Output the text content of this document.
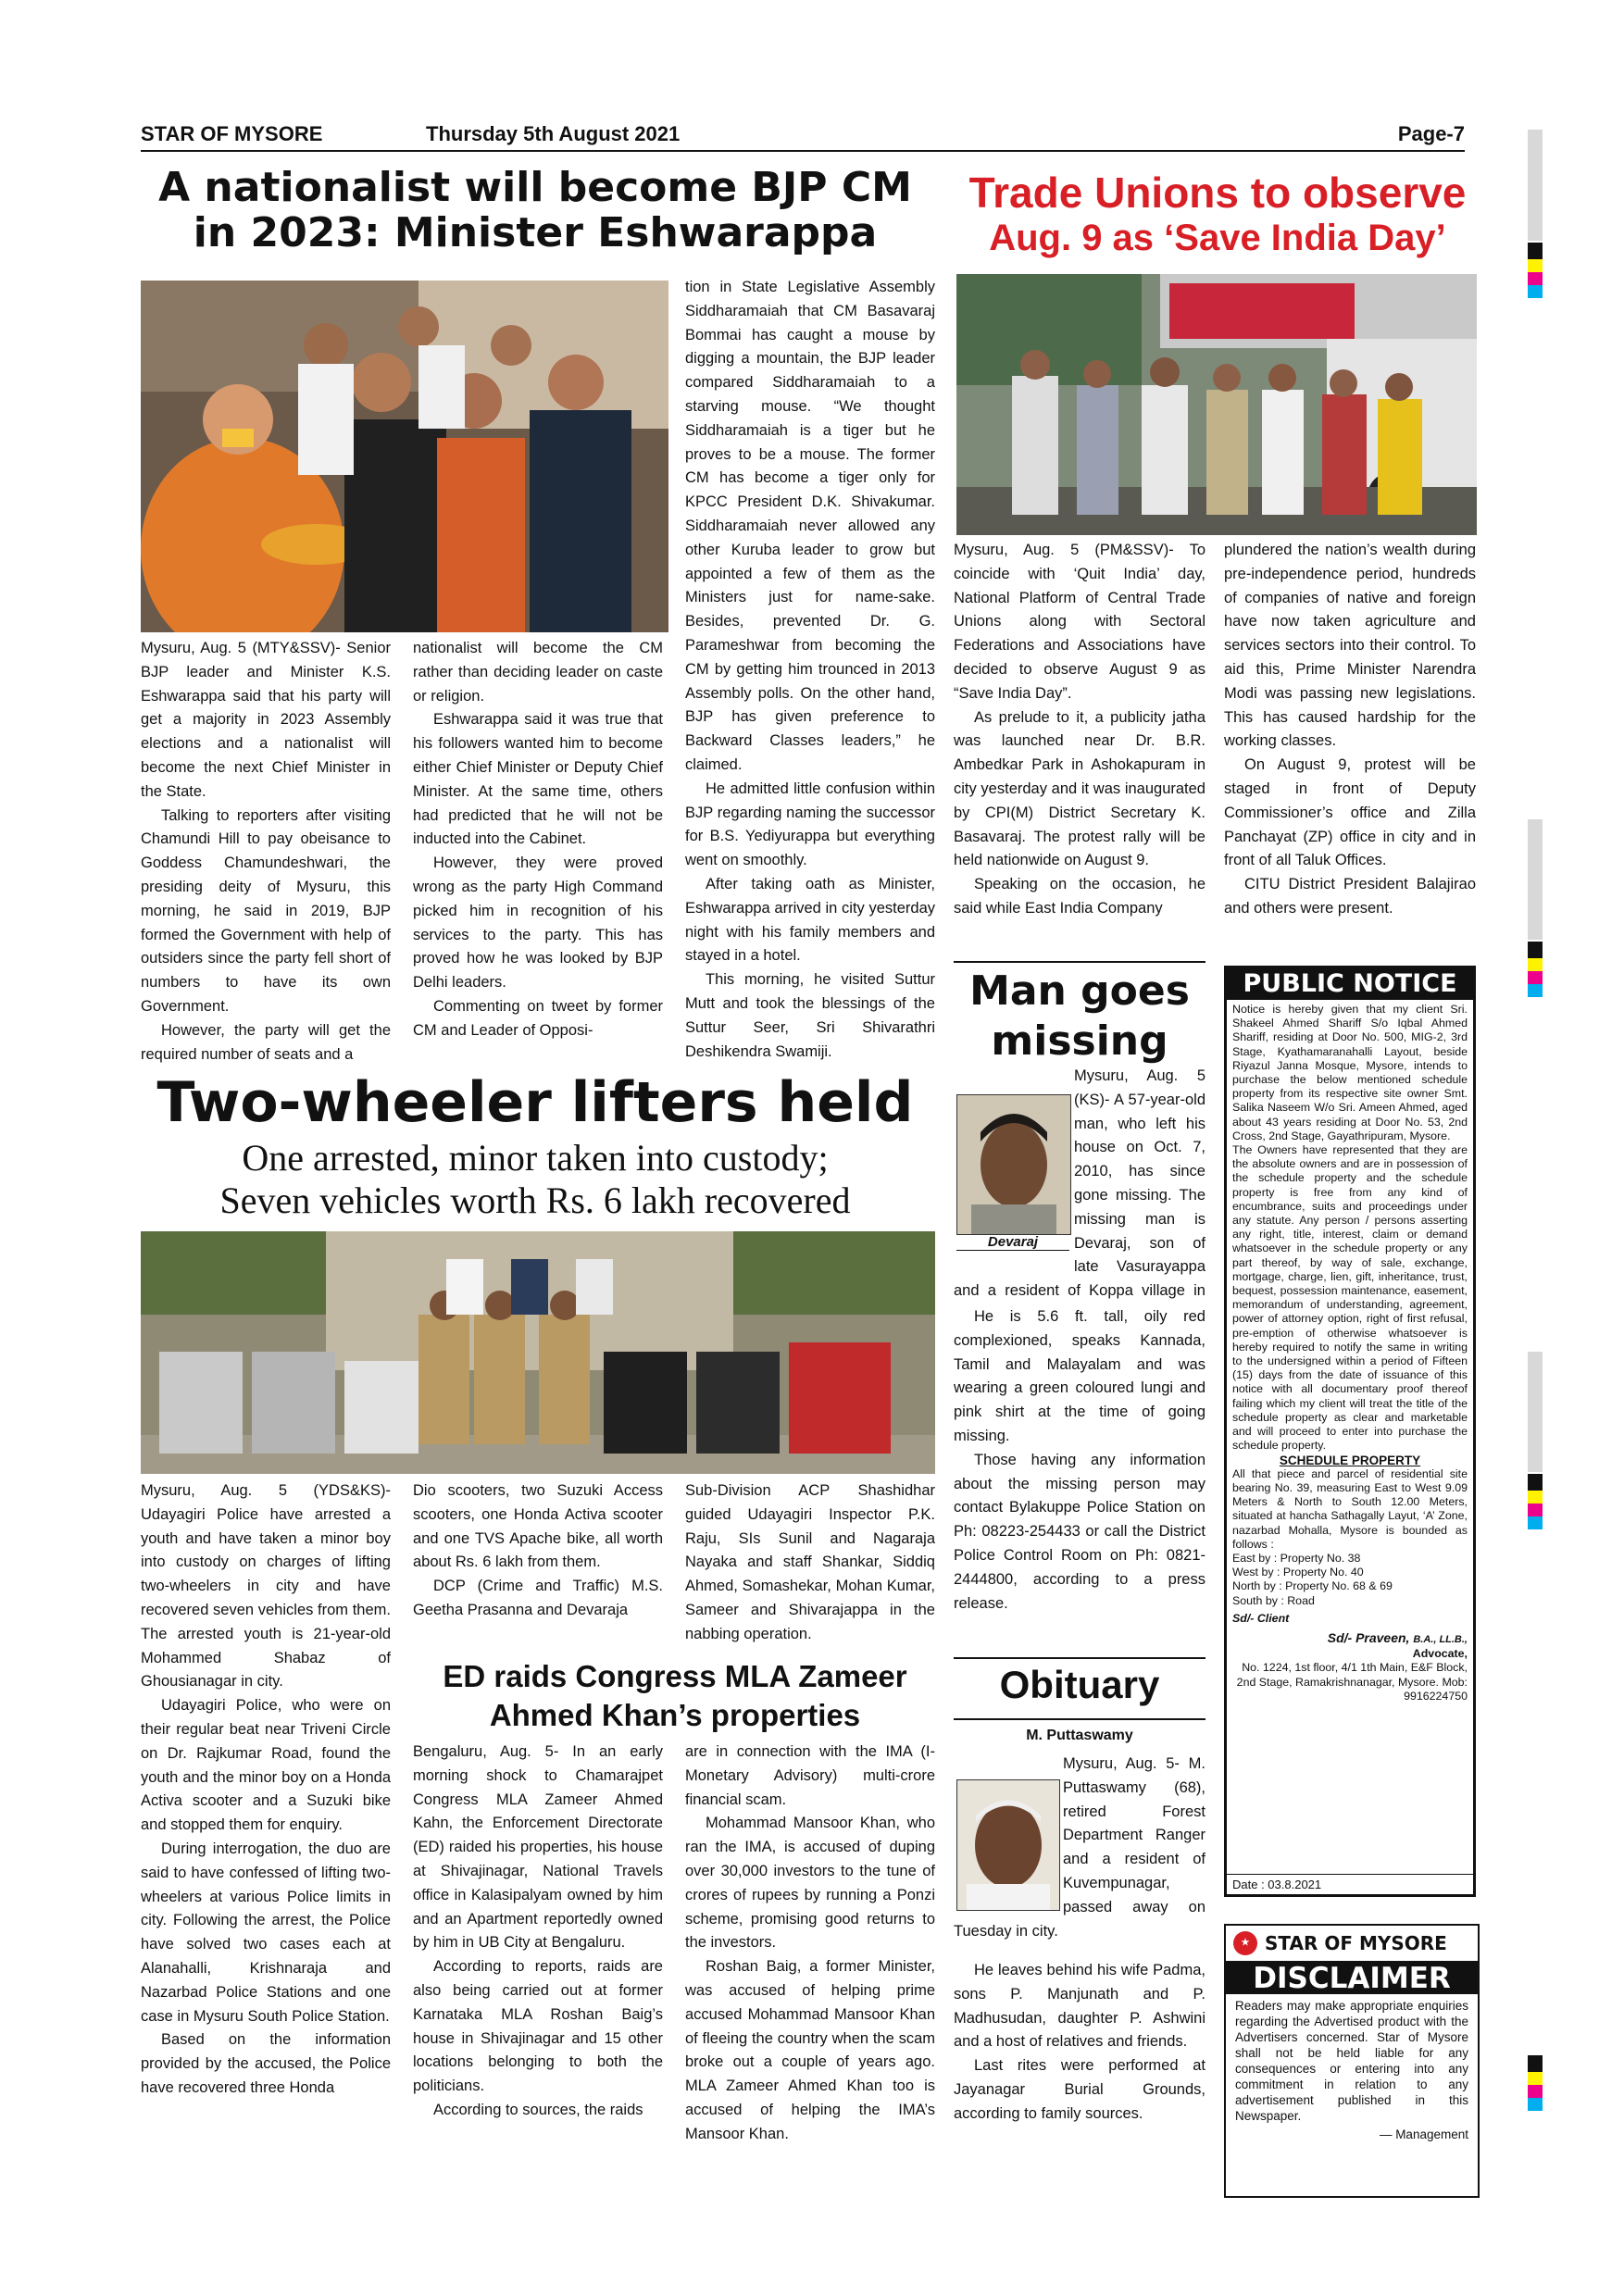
STAR OF MYSORE	Thursday 5th August 2021	Page-7
A nationalist will become BJP CM
in 2023: Minister Eshwarappa

Mysuru, Aug. 5 (MTY&SSV)- Senior BJP leader and Minister K.S. Eshwarappa said that his party will get a majority in 2023 Assembly elections and a nationalist will become the next Chief Minister in the State.

Talking to reporters after visiting Chamundi Hill to pay obeisance to Goddess Chamundeshwari, the presiding deity of Mysuru, this morning, he said in 2019, BJP formed the Government with help of outsiders since the party fell short of numbers to have its own Government.

However, the party will get the required number of seats and a

nationalist will become the CM rather than deciding leader on caste or religion.

Eshwarappa said it was true that his followers wanted him to become either Chief Minister or Deputy Chief Minister. At the same time, others had predicted that he will not be inducted into the Cabinet.

However, they were proved wrong as the party High Command picked him in recognition of his services to the party. This has proved how he was looked by BJP Delhi leaders.

Commenting on tweet by former CM and Leader of Opposi-

tion in State Legislative Assembly Siddharamaiah that CM Basavaraj Bommai has caught a mouse by digging a mountain, the BJP leader compared Siddharamaiah to a starving mouse. “We thought Siddharamaiah is a tiger but he proves to be a mouse. The former CM has become a tiger only for KPCC President D.K. Shivakumar. Siddharamaiah never allowed any other Kuruba leader to grow but appointed a few of them as the Ministers just for name-sake. Besides, prevented Dr. G. Parameshwar from becoming the CM by getting him trounced in 2013 Assembly polls. On the other hand, BJP has given preference to Backward Classes leaders,” he claimed.

He admitted little confusion within BJP regarding naming the successor for B.S. Yediyurappa but everything went on smoothly.

After taking oath as Minister, Eshwarappa arrived in city yesterday night with his family members and stayed in a hotel.

This morning, he visited Suttur Mutt and took the blessings of the Suttur Seer, Sri Shivarathri Deshikendra Swamiji.

Trade Unions to observe
Aug. 9 as ‘Save India Day’

Mysuru, Aug. 5 (PM&SSV)- To coincide with ‘Quit India’ day, National Platform of Central Trade Unions along with Sectoral Federations and Associations have decided to observe August 9 as “Save India Day”.

As prelude to it, a publicity jatha was launched near Dr. B.R. Ambedkar Park in Ashokapuram in city yesterday and it was inaugurated by CPI(M) District Secretary K. Basavaraj. The protest rally will be held nationwide on August 9.

Speaking on the occasion, he said while East India Company

plundered the nation’s wealth during pre-independence period, hundreds of companies of native and foreign have now taken agriculture and services sectors into their control. To aid this, Prime Minister Narendra Modi was passing new legislations. This has caused hardship for the working classes.

On August 9, protest will be staged in front of Deputy Commissioner’s office and Zilla Panchayat (ZP) office in city and in front of all Taluk Offices.

CITU District President Balajirao and others were present.

Two-wheeler lifters held
One arrested, minor taken into custody;
Seven vehicles worth Rs. 6 lakh recovered

Mysuru, Aug. 5 (YDS&KS)- Udayagiri Police have arrested a youth and have taken a minor boy into custody on charges of lifting two-wheelers in city and have recovered seven vehicles from them. The arrested youth is 21-year-old Mohammed Shabaz of Ghousianagar in city.

Udayagiri Police, who were on their regular beat near Triveni Circle on Dr. Rajkumar Road, found the youth and the minor boy on a Honda Activa scooter and a Suzuki bike and stopped them for enquiry.

During interrogation, the duo are said to have confessed of lifting two-wheelers at various Police limits in city. Following the arrest, the Police have solved two cases each at Alanahalli, Krishnaraja and Nazarbad Police Stations and one case in Mysuru South Police Station.

Based on the information provided by the accused, the Police have recovered three Honda

Dio scooters, two Suzuki Access scooters, one Honda Activa scooter and one TVS Apache bike, all worth about Rs. 6 lakh from them.

DCP (Crime and Traffic) M.S. Geetha Prasanna and Devaraja

Sub-Division ACP Shashidhar guided Udayagiri Inspector P.K. Raju, SIs Sunil and Nagaraja Nayaka and staff Shankar, Siddiq Ahmed, Somashekar, Mohan Kumar, Sameer and Shivarajappa in the nabbing operation.

ED raids Congress MLA Zameer
Ahmed Khan’s properties

Bengaluru, Aug. 5- In an early morning shock to Chamarajpet Congress MLA Zameer Ahmed Kahn, the Enforcement Directorate (ED) raided his properties, his house at Shivajinagar, National Travels office in Kalasipalyam owned by him and an Apartment reportedly owned by him in UB City at Bengaluru.

According to reports, raids are also being carried out at former Karnataka MLA Roshan Baig’s house in Shivajinagar and 15 other locations belonging to both the politicians.

According to sources, the raids

are in connection with the IMA (I-Monetary Advisory) multi-crore financial scam.

Mohammad Mansoor Khan, who ran the IMA, is accused of duping over 30,000 investors to the tune of crores of rupees by running a Ponzi scheme, promising good returns to the investors.

Roshan Baig, a former Minister, was accused of helping prime accused Mohammad Mansoor Khan of fleeing the country when the scam broke out a couple of years ago. MLA Zameer Ahmed Khan too is accused of helping the IMA’s Mansoor Khan.

Man goes
missing
Devaraj

Mysuru, Aug. 5 (KS)- A 57-year-old man, who left his house on Oct. 7, 2010, has since gone missing. The missing man is Devaraj, son of late Vasurayappa and a resident of Koppa village in

He is 5.6 ft. tall, oily red complexioned, speaks Kannada, Tamil and Malayalam and was wearing a green coloured lungi and pink shirt at the time of going missing.

Those having any information about the missing person may contact Bylakuppe Police Station on Ph: 08223-254433 or call the District Police Control Room on Ph: 0821-2444800, according to a press release.

Obituary
M. Puttaswamy

Mysuru, Aug. 5- M. Puttaswamy (68), retired Forest Department Ranger and a resident of Kuvempunagar, passed away on Tuesday in city.

He leaves behind his wife Padma, sons P. Manjunath and P. Madhusudan, daughter P. Ashwini and a host of relatives and friends.

Last rites were performed at Jayanagar Burial Grounds, according to family sources.

PUBLIC NOTICE

Notice is hereby given that my client Sri. Shakeel Ahmed Shariff S/o Iqbal Ahmed Shariff, residing at Door No. 500, MIG-2, 3rd Stage, Kyathamaranahalli Layout, beside Riyazul Janna Mosque, Mysore, intends to purchase the below mentioned schedule property from its respective site owner Smt. Salika Naseem W/o Sri. Ameen Ahmed, aged about 43 years residing at Door No. 53, 2nd Cross, 2nd Stage, Gayathripuram, Mysore.

The Owners have represented that they are the absolute owners and are in possession of the schedule property and the schedule property is free from any kind of encumbrance, suits and proceedings under any statute. Any person / persons asserting any right, title, interest, claim or demand whatsoever in the schedule property or any part thereof, by way of sale, exchange, mortgage, charge, lien, gift, inheritance, trust, bequest, possession maintenance, easement, memorandum of understanding, agreement, power of attorney option, right of first refusal, pre-emption of otherwise whatsoever is hereby required to notify the same in writing to the undersigned within a period of Fifteen (15) days from the date of issuance of this notice with all documentary proof thereof failing which my client will treat the title of the schedule property as clear and marketable and will proceed to enter into purchase the schedule property.

SCHEDULE PROPERTY

All that piece and parcel of residential site bearing No. 39, measuring East to West 9.09 Meters & North to South 12.00 Meters, situated at hancha Sathagally Layut, ‘A’ Zone, nazarbad Mohalla, Mysore is bounded as follows :

East by : Property No. 38

West by : Property No. 40

North by : Property No. 68 & 69

South by : Road

Sd/- Client

Sd/- Praveen, B.A., LL.B.,

Advocate,

No. 1224, 1st floor, 4/1 1th Main, E&F Block, 2nd Stage, Ramakrishnanagar, Mysore. Mob: 9916224750

Date : 03.8.2021
★ STAR OF MYSORE
DISCLAIMER
Readers may make appropriate enquiries regarding the Advertised product with the Advertisers concerned. Star of Mysore shall not be held liable for any consequences or entering into any commitment in relation to any advertisement published in this Newspaper.
— Management
